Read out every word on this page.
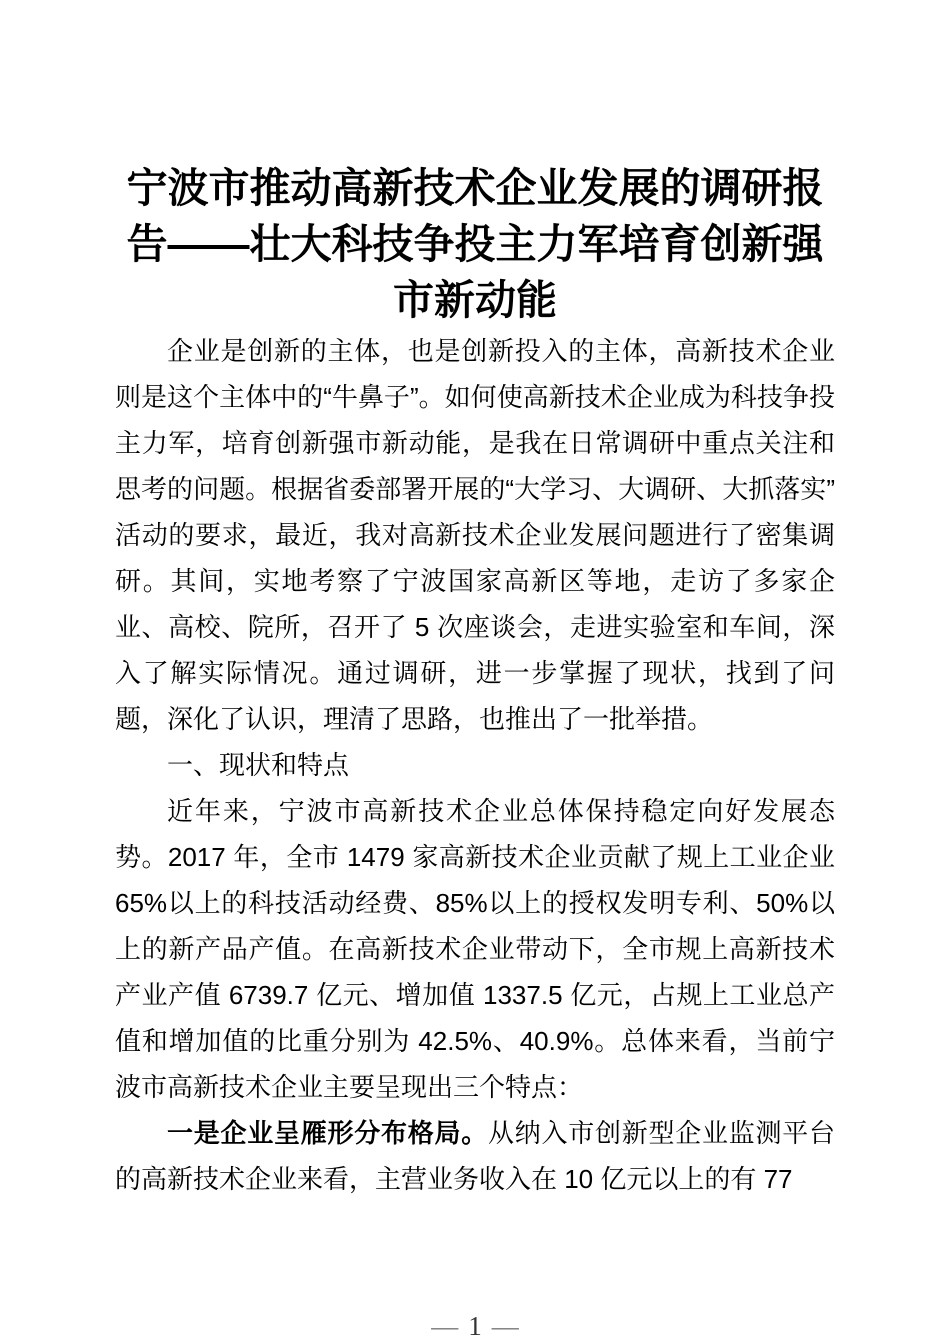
宁波市推动高新技术企业发展的调研报告——壮大科技争投主力军培育创新强市新动能

企业是创新的主体，也是创新投入的主体，高新技术企业则是这个主体中的“牛鼻子”。如何使高新技术企业成为科技争投主力军，培育创新强市新动能，是我在日常调研中重点关注和思考的问题。根据省委部署开展的“大学习、大调研、大抓落实”活动的要求，最近，我对高新技术企业发展问题进行了密集调研。其间，实地考察了宁波国家高新区等地，走访了多家企业、高校、院所，召开了 5 次座谈会，走进实验室和车间，深入了解实际情况。通过调研，进一步掌握了现状，找到了问题，深化了认识，理清了思路，也推出了一批举措。

一、现状和特点

近年来，宁波市高新技术企业总体保持稳定向好发展态势。2017 年，全市 1479 家高新技术企业贡献了规上工业企业 65%以上的科技活动经费、85%以上的授权发明专利、50%以上的新产品产值。在高新技术企业带动下，全市规上高新技术产业产值 6739.7 亿元、增加值 1337.5 亿元，占规上工业总产值和增加值的比重分别为 42.5%、40.9%。总体来看，当前宁波市高新技术企业主要呈现出三个特点：

一是企业呈雁形分布格局。从纳入市创新型企业监测平台的高新技术企业来看，主营业务收入在 10 亿元以上的有 77

— 1 —
